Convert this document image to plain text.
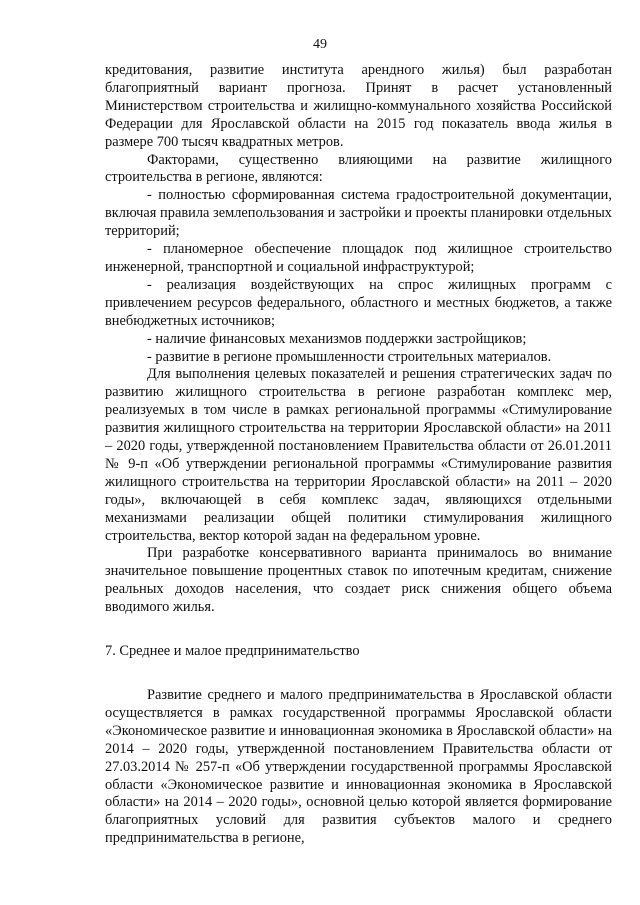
49

кредитования, развитие института арендного жилья) был разработан благоприятный вариант прогноза. Принят в расчет установленный Министерством строительства и жилищно-коммунального хозяйства Российской Федерации для Ярославской области на 2015 год показатель ввода жилья в размере 700 тысяч квадратных метров.

Факторами, существенно влияющими на развитие жилищного строительства в регионе, являются:

- полностью сформированная система градостроительной документации, включая правила землепользования и застройки и проекты планировки отдельных территорий;

- планомерное обеспечение площадок под жилищное строительство инженерной, транспортной и социальной инфраструктурой;

- реализация воздействующих на спрос жилищных программ с привлечением ресурсов федерального, областного и местных бюджетов, а также внебюджетных источников;

- наличие финансовых механизмов поддержки застройщиков;

- развитие в регионе промышленности строительных материалов.

Для выполнения целевых показателей и решения стратегических задач по развитию жилищного строительства в регионе разработан комплекс мер, реализуемых в том числе в рамках региональной программы «Стимулирование развития жилищного строительства на территории Ярославской области» на 2011 – 2020 годы, утвержденной постановлением Правительства области от 26.01.2011 № 9-п «Об утверждении региональной программы «Стимулирование развития жилищного строительства на территории Ярославской области» на 2011 – 2020 годы», включающей в себя комплекс задач, являющихся отдельными механизмами реализации общей политики стимулирования жилищного строительства, вектор которой задан на федеральном уровне.

При разработке консервативного варианта принималось во внимание значительное повышение процентных ставок по ипотечным кредитам, снижение реальных доходов населения, что создает риск снижения общего объема вводимого жилья.

7. Среднее и малое предпринимательство

Развитие среднего и малого предпринимательства в Ярославской области осуществляется в рамках государственной программы Ярославской области «Экономическое развитие и инновационная экономика в Ярославской области» на 2014 – 2020 годы, утвержденной постановлением Правительства области от 27.03.2014 № 257-п «Об утверждении государственной программы Ярославской области «Экономическое развитие и инновационная экономика в Ярославской области» на 2014 – 2020 годы», основной целью которой является формирование благоприятных условий для развития субъектов малого и среднего предпринимательства в регионе,
